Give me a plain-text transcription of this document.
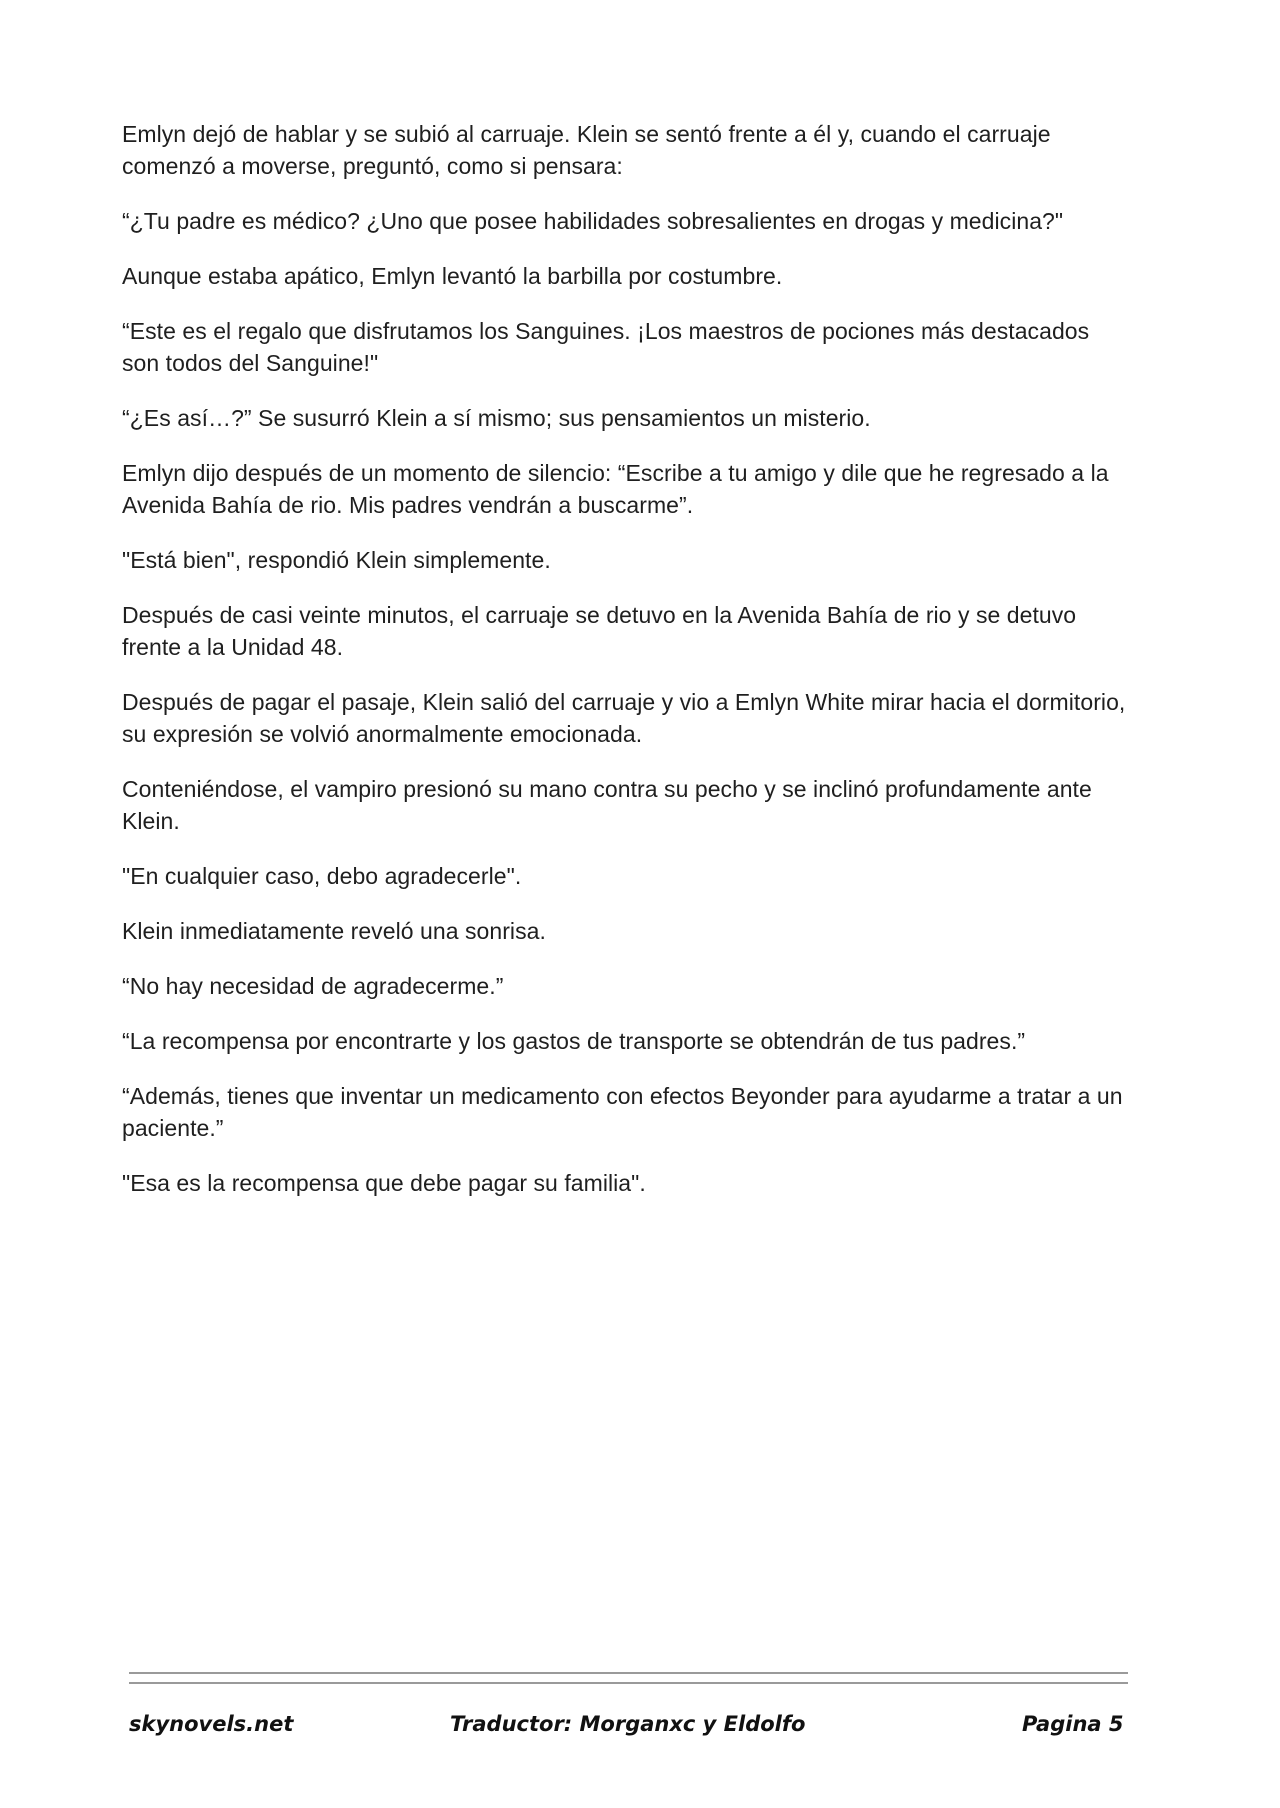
Emlyn dejó de hablar y se subió al carruaje. Klein se sentó frente a él y, cuando el carruaje comenzó a moverse, preguntó, como si pensara:

“¿Tu padre es médico? ¿Uno que posee habilidades sobresalientes en drogas y medicina?"

Aunque estaba apático, Emlyn levantó la barbilla por costumbre.

“Este es el regalo que disfrutamos los Sanguines. ¡Los maestros de pociones más destacados son todos del Sanguine!"

“¿Es así…?” Se susurró Klein a sí mismo; sus pensamientos un misterio.

Emlyn dijo después de un momento de silencio: “Escribe a tu amigo y dile que he regresado a la Avenida Bahía de rio. Mis padres vendrán a buscarme”.

"Está bien", respondió Klein simplemente.

Después de casi veinte minutos, el carruaje se detuvo en la Avenida Bahía de rio y se detuvo frente a la Unidad 48.

Después de pagar el pasaje, Klein salió del carruaje y vio a Emlyn White mirar hacia el dormitorio, su expresión se volvió anormalmente emocionada.

Conteniéndose, el vampiro presionó su mano contra su pecho y se inclinó profundamente ante Klein.

"En cualquier caso, debo agradecerle".

Klein inmediatamente reveló una sonrisa.

“No hay necesidad de agradecerme.”

“La recompensa por encontrarte y los gastos de transporte se obtendrán de tus padres.”

“Además, tienes que inventar un medicamento con efectos Beyonder para ayudarme a tratar a un paciente.”

"Esa es la recompensa que debe pagar su familia".

skynovels.net	Traductor: Morganxc y Eldolfo	Pagina 5
